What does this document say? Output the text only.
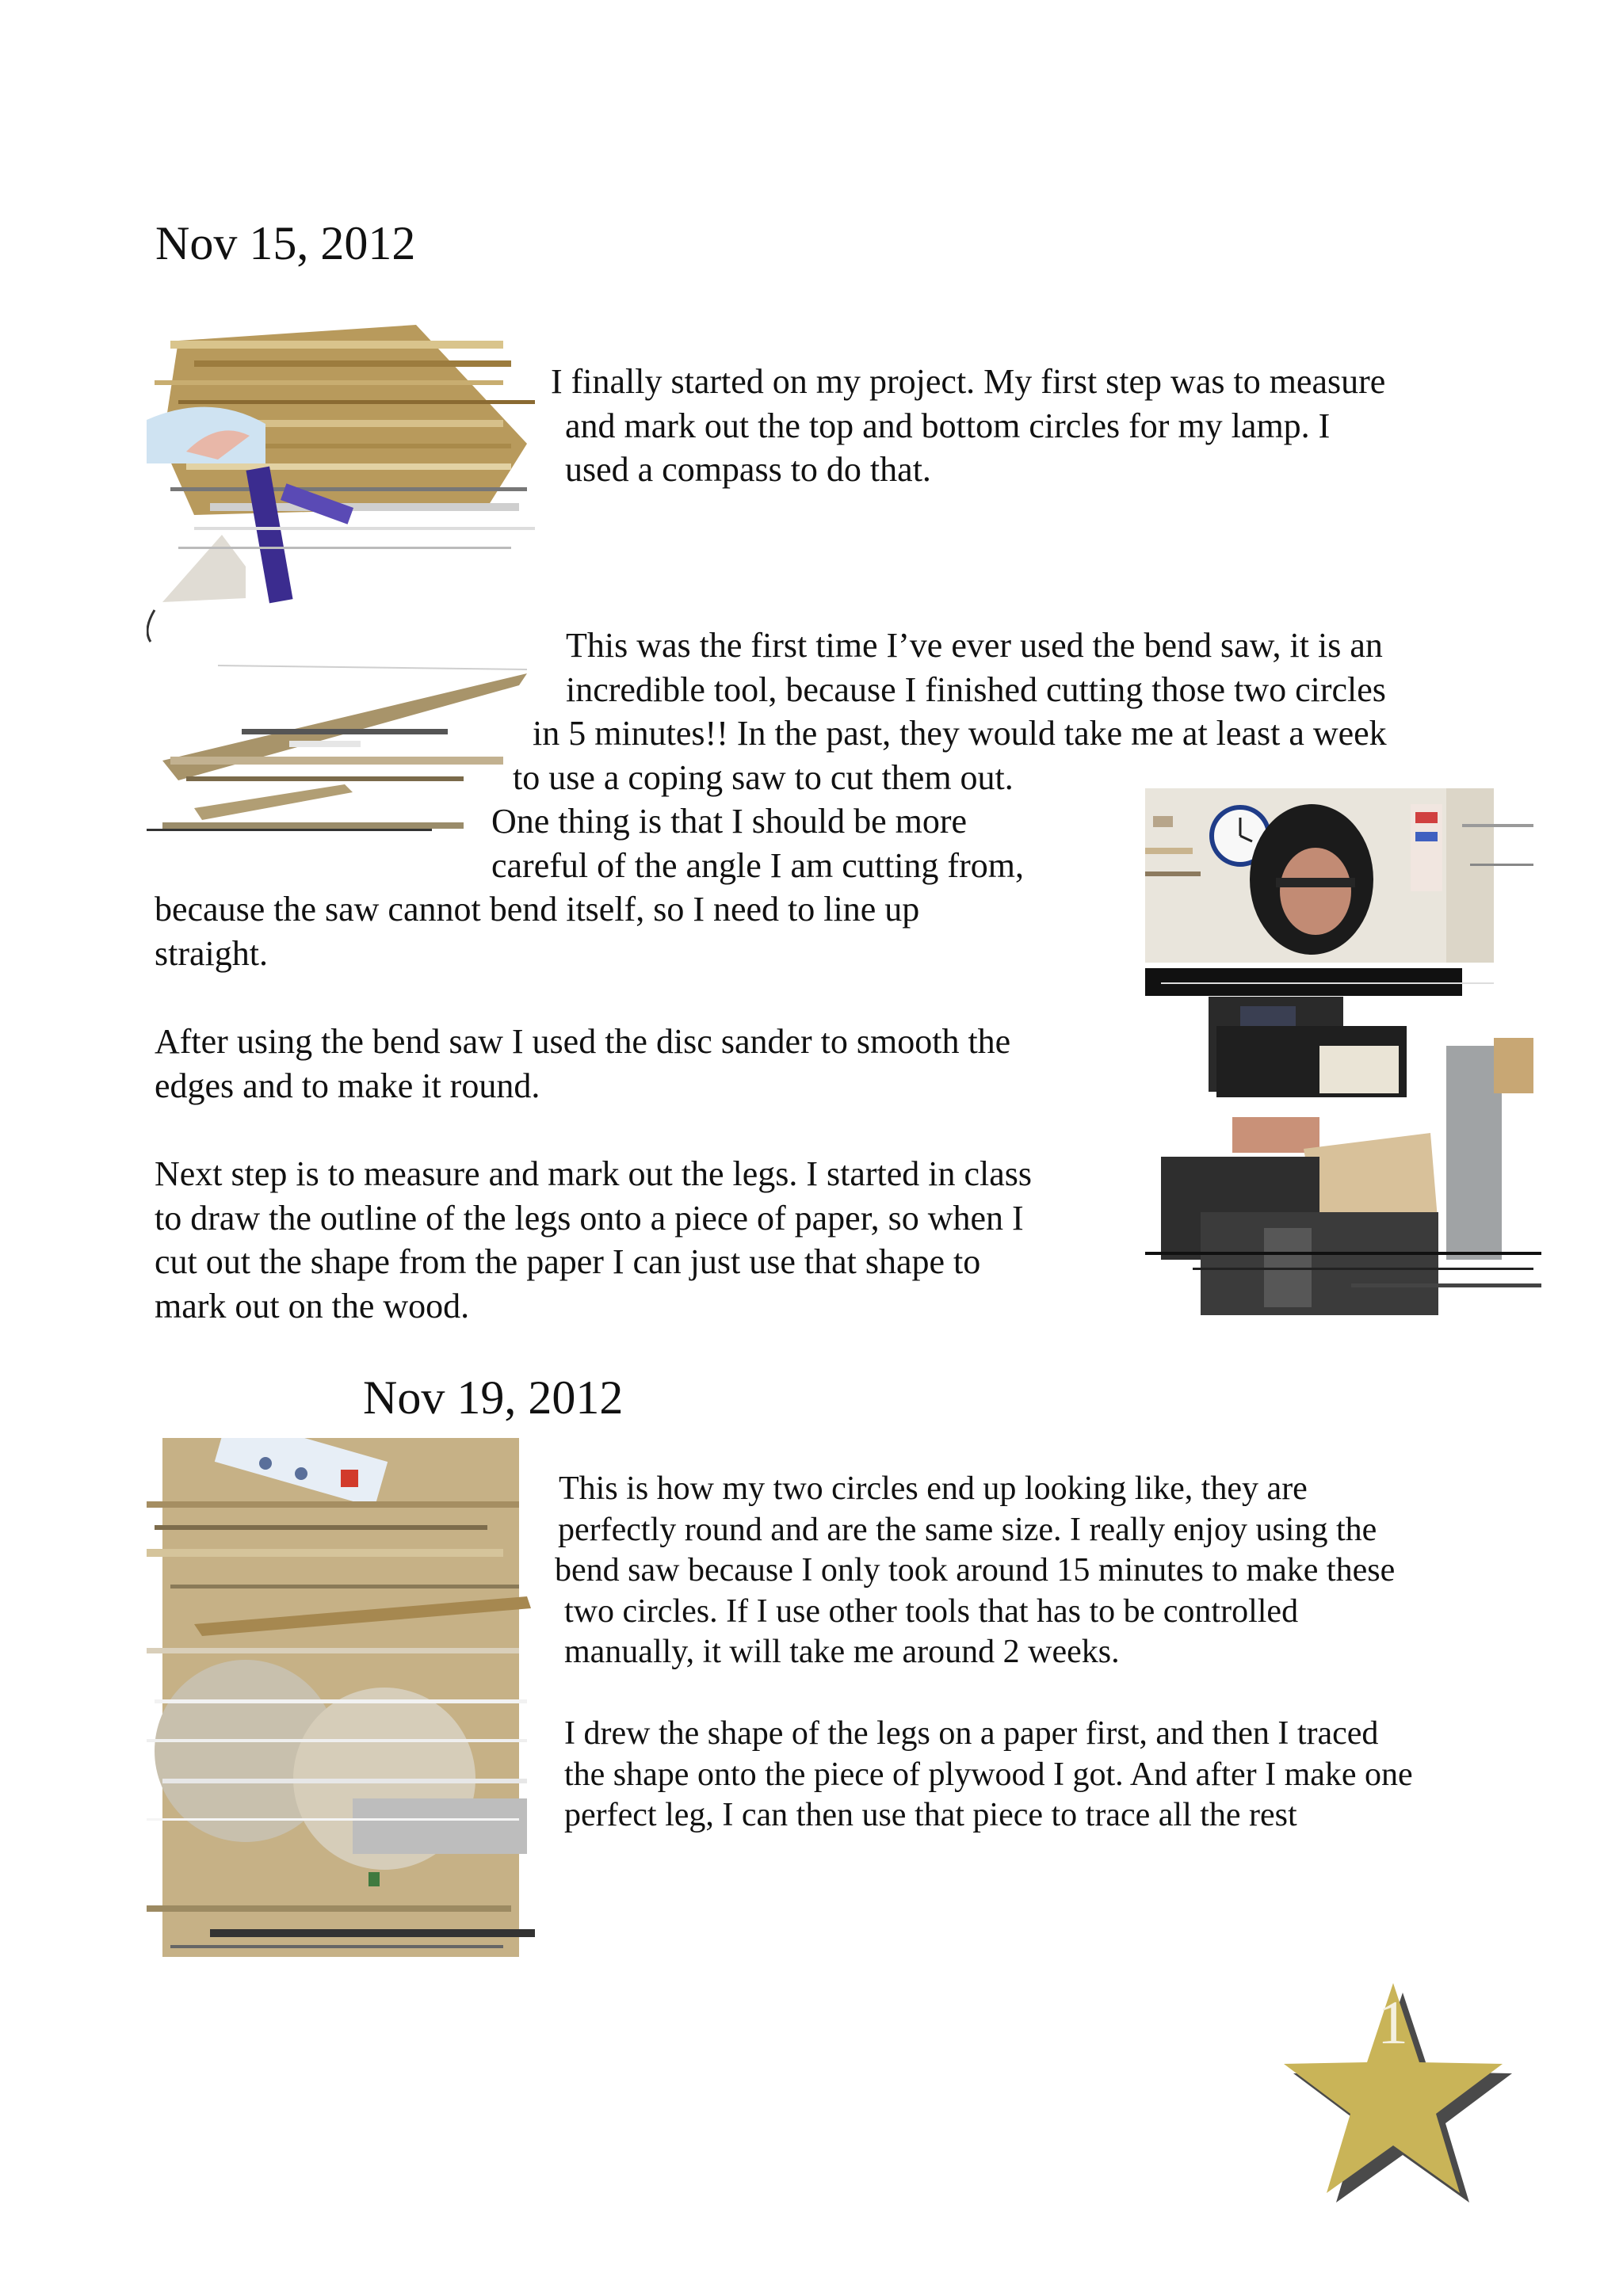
Nov 15, 2012
I finally started on my project. My first step was to measure
and mark out the top and bottom circles for my lamp. I
used a compass to do that.
This was the first time I’ve ever used the bend saw, it is an
incredible tool, because I finished cutting those two circles
in 5 minutes!! In the past, they would take me at least a week
to use a coping saw to cut them out.
One thing is that I should be more
careful of the angle I am cutting from,
because the saw cannot bend itself, so I need to line up
straight.
After using the bend saw I used the disc sander to smooth the
edges and to make it round.
Next step is to measure and mark out the legs. I started in class
to draw the outline of the legs onto a piece of paper, so when I
cut out the shape from the paper I can just use that shape to
mark out on the wood.
Nov 19, 2012
This is how my two circles end up looking like, they are
perfectly round and are the same size. I really enjoy using the
bend saw because I only took around 15 minutes to make these
two circles. If I use other tools that has to be controlled
manually, it will take me around 2 weeks.
I drew the shape of the legs on a paper first, and then I traced
the shape onto the piece of plywood I got. And after I make one
perfect leg, I can then use that piece to trace all the rest
1
